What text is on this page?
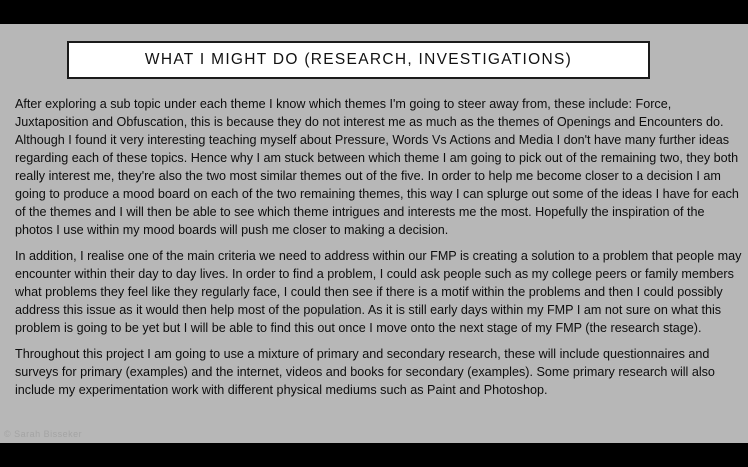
WHAT I MIGHT DO (RESEARCH, INVESTIGATIONS)

After exploring a sub topic under each theme I know which themes I'm going to steer away from, these include: Force, Juxtaposition and Obfuscation, this is because they do not interest me as much as the themes of Openings and Encounters do. Although I found it very interesting teaching myself about Pressure, Words Vs Actions and Media I don't have many further ideas regarding each of these topics. Hence why I am stuck between which theme I am going to pick out of the remaining two, they both really interest me, they're also the two most similar themes out of the five. In order to help me become closer to a decision I am going to produce a mood board on each of the two remaining themes, this way I can splurge out some of the ideas I have for each of the themes and I will then be able to see which theme intrigues and interests me the most. Hopefully the inspiration of the photos I use within my mood boards will push me closer to making a decision.

In addition, I realise one of the main criteria we need to address within our FMP is creating a solution to a problem that people may encounter within their day to day lives. In order to find a problem, I could ask people such as my college peers or family members what problems they feel like they regularly face, I could then see if there is a motif within the problems and then I could possibly address this issue as it would then help most of the population. As it is still early days within my FMP I am not sure on what this problem is going to be yet but I will be able to find this out once I move onto the next stage of my FMP (the research stage).

Throughout this project I am going to use a mixture of primary and secondary research, these will include questionnaires and surveys for primary (examples) and the internet, videos and books for secondary (examples). Some primary research will also include my experimentation work with different physical mediums such as Paint and Photoshop.

© Sarah Bisseker
